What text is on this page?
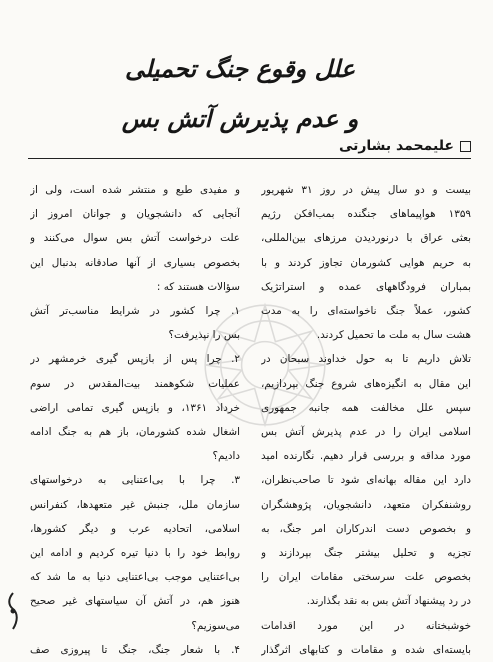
علل وقوع جنگ تحمیلی
و عدم پذیرش آتش بس
علیمحمد بشارتی
بیست و دو سال پیش در روز ۳۱ شهریور
۱۳۵۹ هواپیماهای جنگنده بمب‌افکن رژیم
بعثی عراق با درنوردیدن مرزهای بین‌المللی،
به حریم هوایی کشورمان تجاوز کردند و با
بمباران فرودگاههای عمده و استراتژیک
کشور، عملاً جنگ ناخواسته‌ای را به مدت
هشت سال به ملت ما تحمیل کردند.
تلاش داریم تا به حول خداوند سبحان در
این مقال به انگیزه‌های شروع جنگ بپردازیم،
سپس علل مخالفت همه جانبه جمهوری
اسلامی ایران را در عدم پذیرش آتش بس
مورد مداقه و بررسی قرار دهیم. نگارنده امید
دارد این مقاله بهانه‌ای شود تا صاحب‌نظران،
روشنفکران متعهد، دانشجویان، پژوهشگران
و بخصوص دست اندرکاران امر جنگ، به
تجزیه و تحلیل بیشتر جنگ بپردازند و
بخصوص علت سرسختی مقامات ایران را
در رد پیشنهاد آتش بس به نقد بگذارند.
خوشبختانه در این مورد اقدامات
بایسته‌ای شده و مقامات و کتابهای اثرگذار
و مفیدی طبع و منتشر شده است، ولی از
آنجایی که دانشجویان و جوانان امروز از
علت درخواست آتش بس سوال می‌کنند و
بخصوص بسیاری از آنها صادقانه بدنبال این
سؤالات هستند که :
۱. چرا کشور در شرایط مناسب‌تر آتش
بس را نپذیرفت؟
۲. چرا پس از بازپس گیری خرمشهر در
عملیات شکوهمند بیت‌المقدس در سوم
خرداد ۱۳۶۱، و بازپس گیری تمامی اراضی
اشغال شده کشورمان، باز هم به جنگ ادامه
دادیم؟
۳. چرا با بی‌اعتنایی به درخواستهای
سازمان ملل، جنبش غیر متعهدها، کنفرانس
اسلامی، اتحادیه عرب و دیگر کشورها،
روابط خود را با دنیا تیره کردیم و ادامه این
بی‌اعتنایی موجب بی‌اعتنایی دنیا به ما شد که
هنوز هم، در آتش آن سیاستهای غیر صحیح
می‌سوزیم؟
۴. با شعار جنگ، جنگ تا پیروزی صف
